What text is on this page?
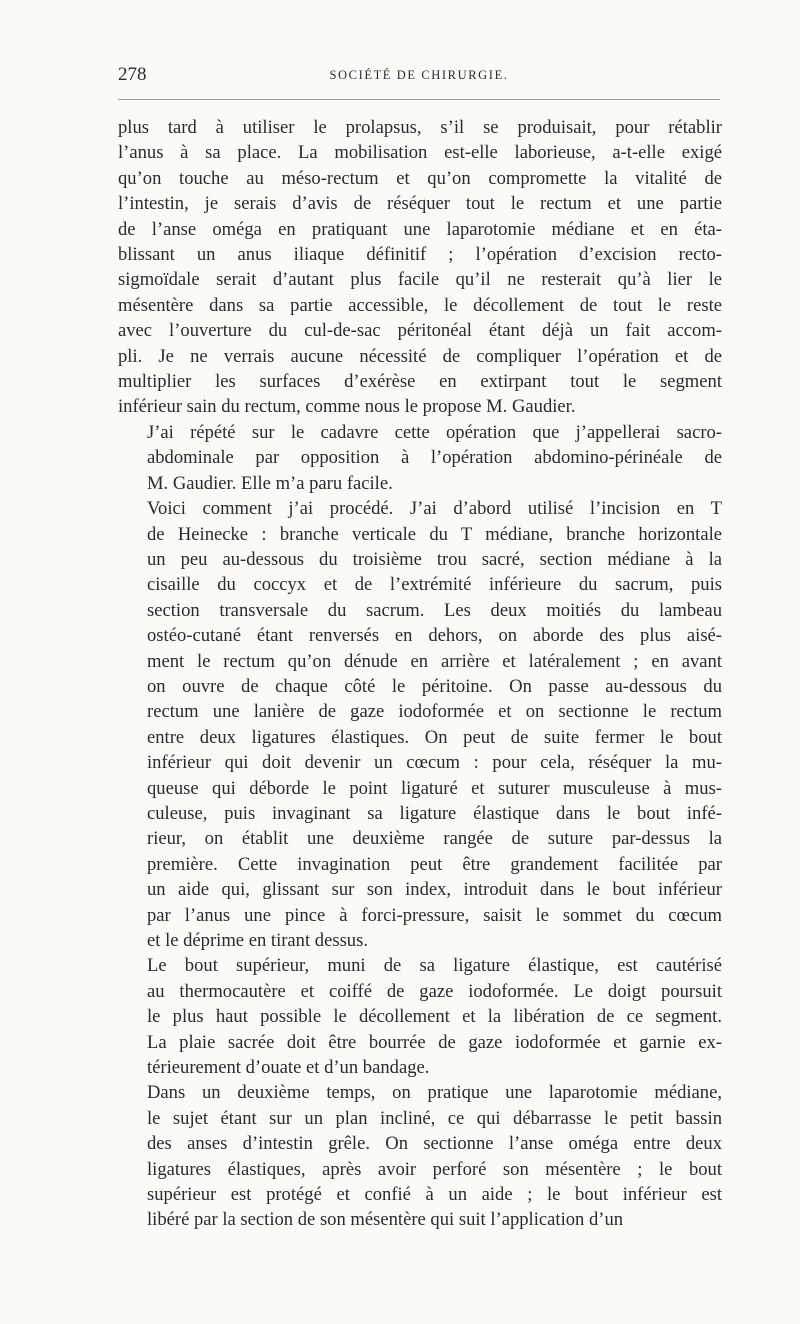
278	SOCIÉTÉ DE CHIRURGIE.

plus tard à utiliser le prolapsus, s’il se produisait, pour rétablir
l’anus à sa place. La mobilisation est-elle laborieuse, a-t-elle exigé
qu’on touche au méso-rectum et qu’on compromette la vitalité de
l’intestin, je serais d’avis de réséquer tout le rectum et une partie
de l’anse oméga en pratiquant une laparotomie médiane et en éta-
blissant un anus iliaque définitif ; l’opération d’excision recto-
sigmoïdale serait d’autant plus facile qu’il ne resterait qu’à lier le
mésentère dans sa partie accessible, le décollement de tout le reste
avec l’ouverture du cul-de-sac péritonéal étant déjà un fait accom-
pli. Je ne verrais aucune nécessité de compliquer l’opération et de
multiplier les surfaces d’exérèse en extirpant tout le segment
inférieur sain du rectum, comme nous le propose M. Gaudier.

J’ai répété sur le cadavre cette opération que j’appellerai sacro-
abdominale par opposition à l’opération abdomino-périnéale de
M. Gaudier. Elle m’a paru facile.

Voici comment j’ai procédé. J’ai d’abord utilisé l’incision en T
de Heinecke : branche verticale du T médiane, branche horizontale
un peu au-dessous du troisième trou sacré, section médiane à la
cisaille du coccyx et de l’extrémité inférieure du sacrum, puis
section transversale du sacrum. Les deux moitiés du lambeau
ostéo-cutané étant renversés en dehors, on aborde des plus aisé-
ment le rectum qu’on dénude en arrière et latéralement ; en avant
on ouvre de chaque côté le péritoine. On passe au-dessous du
rectum une lanière de gaze iodoformée et on sectionne le rectum
entre deux ligatures élastiques. On peut de suite fermer le bout
inférieur qui doit devenir un cœcum : pour cela, réséquer la mu-
queuse qui déborde le point ligaturé et suturer musculeuse à mus-
culeuse, puis invaginant sa ligature élastique dans le bout infé-
rieur, on établit une deuxième rangée de suture par-dessus la
première. Cette invagination peut être grandement facilitée par
un aide qui, glissant sur son index, introduit dans le bout inférieur
par l’anus une pince à forci-pressure, saisit le sommet du cœcum
et le déprime en tirant dessus.

Le bout supérieur, muni de sa ligature élastique, est cautérisé
au thermocautère et coiffé de gaze iodoformée. Le doigt poursuit
le plus haut possible le décollement et la libération de ce segment.
La plaie sacrée doit être bourrée de gaze iodoformée et garnie ex-
térieurement d’ouate et d’un bandage.

Dans un deuxième temps, on pratique une laparotomie médiane,
le sujet étant sur un plan incliné, ce qui débarrasse le petit bassin
des anses d’intestin grêle. On sectionne l’anse oméga entre deux
ligatures élastiques, après avoir perforé son mésentère ; le bout
supérieur est protégé et confié à un aide ; le bout inférieur est
libéré par la section de son mésentère qui suit l’application d’un
